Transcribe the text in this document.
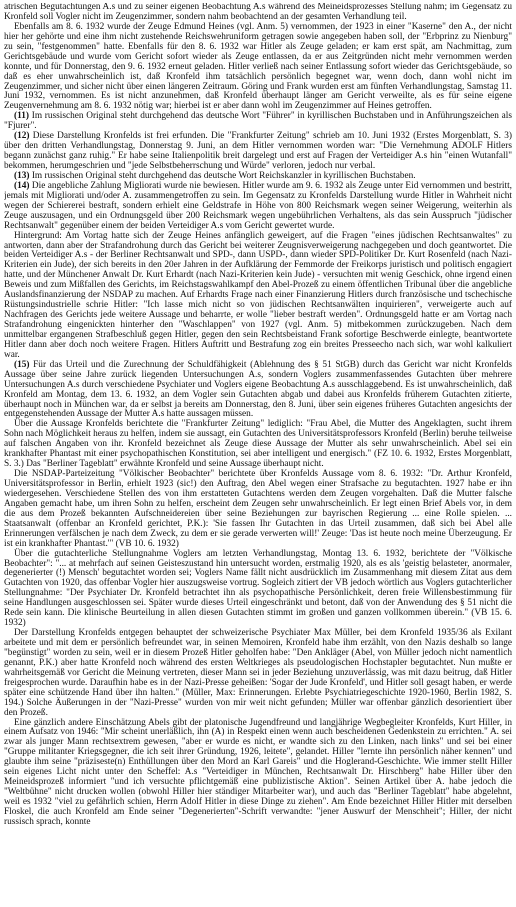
atrischen Begutachtungen A.s und zu seiner eigenen Beobachtung A.s während des Meineidsprozesses Stellung nahm; im Gegensatz zu Kronfeld soll Vogler nicht im Zeugenzimmer, sondern nahm beobachtend an der gesamten Verhandlung teil.

Ebenfalls am 8. 6. 1932 wurde der Zeuge Edmund Heines (vgl. Anm. 5) vernommen, der 1923 in einer "Kaserne" den A., der nicht hier her gehörte und eine ihm nicht zustehende Reichswehruniform getragen sowie angegeben haben soll, der "Erbprinz zu Nienburg" zu sein, "festgenommen" hatte. Ebenfalls für den 8. 6. 1932 war Hitler als Zeuge geladen; er kam erst spät, am Nachmittag, zum Gerichtsgebäude und wurde vom Gericht sofort wieder als Zeuge entlassen, da er aus Zeitgründen nicht mehr vernommen werden konnte, und für Donnerstag, den 9. 6. 1932 erneut geladen. Hitler verließ nach seiner Entlassung sofort wieder das Gerichtsgebäude, so daß es eher unwahrscheinlich ist, daß Kronfeld ihm tatsächlich persönlich begegnet war, wenn doch, dann wohl nicht im Zeugenzimmer, und sicher nicht über einen längeren Zeitraum. Göring und Frank wurden erst am fünften Verhandlungstag, Samstag 11. Juni 1932, vernommen. Es ist nicht anzunehmen, daß Kronfeld überhaupt länger am Gericht verweilte, als es für seine eigene Zeugenvernehmung am 8. 6. 1932 nötig war; hierbei ist er aber dann wohl im Zeugenzimmer auf Heines getroffen.

(11) Im russischen Original steht durchgehend das deutsche Wort "Führer" in kyrillischen Buchstaben und in Anführungszeichen als "Fjurer".

(12) Diese Darstellung Kronfelds ist frei erfunden. Die "Frankfurter Zeitung" schrieb am 10. Juni 1932 (Erstes Morgenblatt, S. 3) über den dritten Verhandlungstag, Donnerstag 9. Juni, an dem Hitler vernommen worden war: "Die Vernehmung ADOLF Hitlers begann zunächst ganz ruhig." Er habe seine Italienpolitik breit dargelegt und erst auf Fragen der Verteidiger A.s hin "einen Wutanfall" bekommen, herumgeschrien und "jede Selbstbeherrschung und Würde" verloren, jedoch nur verbal.

(13) Im russischen Original steht durchgehend das deutsche Wort Reichskanzler in kyrillischen Buchstaben.

(14) Die angebliche Zahlung Migliorati wurde nie bewiesen. Hitler wurde am 9. 6. 1932 als Zeuge unter Eid vernommen und bestritt, jemals mit Migliorati und/oder A. zusammengetroffen zu sein. Im Gegensatz zu Kronfelds Darstellung wurde Hitler in Wahrheit nicht wegen der Schiererei bestraft, sondern erhielt eine Geldstrafe in Höhe von 800 Reichsmark wegen seiner Weigerung, weiterhin als Zeuge auszusagen, und ein Ordnungsgeld über 200 Reichsmark wegen ungebührlichen Verhaltens, als das sein Ausspruch "jüdischer Rechtsanwalt" gegenüber einem der beiden Verteidiger A.s vom Gericht gewertet wurde.

Hintergrund: Am Vortag hatte sich der Zeuge Heines anfänglich geweigert, auf die Fragen "eines jüdischen Rechtsanwaltes" zu antworten, dann aber der Strafandrohung durch das Gericht bei weiterer Zeugnisverweigerung nachgegeben und doch geantwortet. Die beiden Verteidiger A.s - der Berliner Rechtsanwalt und SPD-, dann USPD-, dann wieder SPD-Politiker Dr. Kurt Rosenfeld (nach Nazi-Kriterien ein Jude), der sich bereits in den 20er Jahren in der Aufklärung der Femmorde der Freikorps juristisch und politisch engagiert hatte, und der Münchener Anwalt Dr. Kurt Erhardt (nach Nazi-Kriterien kein Jude) - versuchten mit wenig Geschick, ohne irgend einen Beweis und zum Mißfallen des Gerichts, im Reichstagswahlkampf den Abel-Prozeß zu einem öffentlichen Tribunal über die angebliche Auslandsfinanzierung der NSDAP zu machen. Auf Erhardts Frage nach einer Finanzierung Hitlers durch französische und tschechische Rüstungsindustrielle schrie Hitler: "Ich lasse mich nicht so von jüdischen Rechtsanwälten inquirieren", verweigerte auch auf Nachfragen des Gerichts jede weitere Aussage und beharrte, er wolle "lieber bestraft werden". Ordnungsgeld hatte er am Vortag nach Strafandrohung eingenickten hinterher den "Waschlappen" von 1927 (vgl. Anm. 5) mitbekommen zurückzugeben. Nach dem unmittelbar ergangenen Strafbeschluß gegen Hitler, gegen den sein Rechtsbeistand Frank sofortige Beschwerde einlegte, beantwortete Hitler dann aber doch noch weitere Fragen. Hitlers Auftritt und Bestrafung zog ein breites Presseecho nach sich, war wohl kalkuliert war.

(15) Für das Urteil und die Zurechnung der Schuldfähigkeit (Ablehnung des § 51 StGB) durch das Gericht war nicht Kronfelds Aussage über seine Jahre zurück liegenden Untersuchungen A.s, sondern Voglers zusammenfassendes Gutachten über mehrere Untersuchungen A.s durch verschiedene Psychiater und Voglers eigene Beobachtung A.s ausschlaggebend. Es ist unwahrscheinlich, daß Kronfeld am Montag, dem 13. 6. 1932, an dem Vogler sein Gutachten abgab und dabei aus Kronfelds früherem Gutachten zitierte, überhaupt noch in München war, da er selbst ja bereits am Donnerstag, den 8. Juni, über sein eigenes früheres Gutachten angesichts der entgegenstehenden Aussage der Mutter A.s hatte aussagen müssen.

Über die Aussage Kronfelds berichtete die "Frankfurter Zeitung" lediglich: "Frau Abel, die Mutter des Angeklagten, sucht ihrem Sohn nach Möglichkeit heraus zu helfen, indem sie aussagt, ein Gutachten des Universitätsprofessors Kronfeld (Berlin) beruhe teilweise auf falschen Angaben von ihr. Kronfeld bezeichnet als Zeuge diese Aussage der Mutter als sehr unwahrscheinlich. Abel sei ein krankhafter Phantast mit einer psychopathischen Konstitution, sei aber intelligent und energisch." (FZ 10. 6. 1932, Erstes Morgenblatt, S. 3.) Das "Berliner Tageblatt" erwähnte Kronfeld und seine Aussage überhaupt nicht.

Die NSDAP-Parteizeitung "Völkischer Beobachter" berichtete über Kronfelds Aussage vom 8. 6. 1932: "Dr. Arthur Kronfeld, Universitätsprofessor in Berlin, erhielt 1923 (sic!) den Auftrag, den Abel wegen einer Strafsache zu begutachten. 1927 habe er ihn wiedergesehen. Verschiedene Stellen des von ihm erstatteten Gutachtens werden dem Zeugen vorgehalten. Daß die Mutter falsche Angaben gemacht habe, um ihren Sohn zu helfen, erscheint dem Zeugen sehr unwahrscheinlich. Er legt einen Brief Abels vor, in dem die aus dem Prozeß bekannten Aufschneidereien über seine Beziehungen zur bayrischen Regierung ... eine Rolle spielen. ... Staatsanwalt (offenbar an Kronfeld gerichtet, P.K.): 'Sie fassen Ihr Gutachten in das Urteil zusammen, daß sich bei Abel alle Erinnerungen verfälschen je nach dem Zweck, zu dem er sie gerade verwerten will!' Zeuge: 'Das ist heute noch meine Überzeugung. Er ist ein krankhafter Phantast.'" (VB 10. 6. 1932)

Über die gutachterliche Stellungnahme Voglers am letzten Verhandlungstag, Montag 13. 6. 1932, berichtete der "Völkische Beobachter": "... at mehrfach auf seinen Geisteszustand hin untersucht worden, erstmalig 1920, als es als 'geistig belasteter, anormaler, degenerierter (!) Mensch' begutachtet worden sei; Voglers Name fällt nicht ausdrücklich im Zusammenhang mit diesem Zitat aus dem Gutachten von 1920, das offenbar Vogler hier auszugsweise vortrug. Sogleich zitiert der VB jedoch wörtlich aus Voglers gutachterlicher Stellungnahme: "Der Psychiater Dr. Kronfeld betrachtet ihn als psychopathische Persönlichkeit, deren freie Willensbestimmung für seine Handlungen ausgeschlossen sei. Später wurde dieses Urteil eingeschränkt und betont, daß von der Anwendung des § 51 nicht die Rede sein kann. Die klinische Beurteilung in allen diesen Gutachten stimmt im großen und ganzen vollkommen überein." (VB 15. 6. 1932)

Der Darstellung Kronfelds entgegen behauptet der schweizerische Psychiater Max Müller, bei dem Kronfeld 1935/36 als Exilant arbeitete und mit dem er persönlich befreundet war, in seinen Memoiren, Kronfeld habe ihm erzählt, von den Nazis deshalb so lange "begünstigt" worden zu sein, weil er in diesem Prozeß Hitler geholfen habe: "Den Ankläger (Abel, von Müller jedoch nicht namentlich genannt, P.K.) aber hatte Kronfeld noch während des ersten Weltkrieges als pseudologischen Hochstapler begutachtet. Nun mußte er wahrheitsgemäß vor Gericht die Meinung vertreten, dieser Mann sei in jeder Beziehung unzuverlässig, was mit dazu beitrug, daß Hitler freigesprochen wurde. Daraufhin habe es in der Nazi-Presse geheißen: 'Sogar der Jude Kronfeld', und Hitler soll gesagt haben, er werde später eine schützende Hand über ihn halten." (Müller, Max: Erinnerungen. Erlebte Psychiatriegeschichte 1920-1960, Berlin 1982, S. 194.) Solche Äußerungen in der "Nazi-Presse" wurden von mir weit nicht gefunden; Müller war offenbar gänzlich desorientiert über den Prozeß.

Eine gänzlich andere Einschätzung Abels gibt der platonische Jugendfreund und langjährige Wegbegleiter Kronfelds, Kurt Hiller, in einem Aufsatz von 1946: "Mir scheint unerläßlich, ihn (A) in Respekt einen wenn auch bescheidenen Gedenkstein zu errichten." A. sei zwar als junger Mann rechtsextrem gewesen, "aber er wurde es nicht, er wandte sich zu den Linken, nach links" und sei bei einer "Gruppe militanter Kriegsgegner, die ich seit ihrer Gründung, 1926, leitete", gelandet. Hiller "lernte ihn persönlich näher kennen" und glaubte ihm seine "präziseste(n) Enthüllungen über den Mord an Karl Gareis" und die Hoglerand-Geschichte. Wie immer stellt Hiller sein eigenes Licht nicht unter den Scheffel: A.s "Verteidiger in München, Rechtsanwalt Dr. Hirschberg" habe Hiller über den Meineidsprozeß informiert "und ich versuchte pflichtgemäß eine publizistische Aktion". Seinen Artikel über A. habe jedoch die "Weltbühne" nicht drucken wollen (obwohl Hiller hier ständiger Mitarbeiter war), und auch das "Berliner Tageblatt" habe abgelehnt, weil es 1932 "viel zu gefährlich schien, Herrn Adolf Hitler in diese Dinge zu ziehen". Am Ende bezeichnet Hiller Hitler mit derselben Floskel, die auch Kronfeld am Ende seiner "Degenerierten"-Schrift verwandte: "jener Auswurf der Menschheit"; Hiller, der nicht russisch sprach, konnte
